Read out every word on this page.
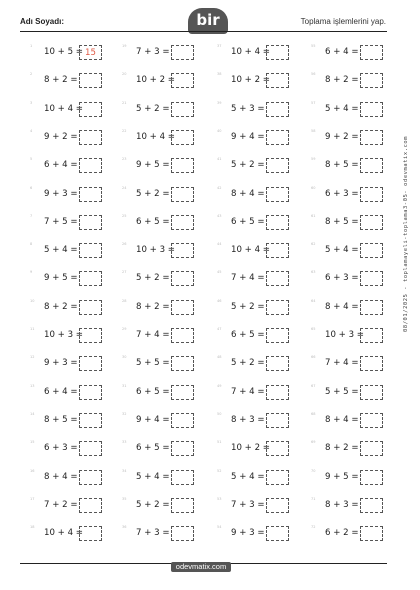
Adı Soyadı:	bir	Toplama işlemlerini yap.
1
10 + 5 = 15
2
8 + 2 =
3
10 + 4 =
4
9 + 2 =
5
6 + 4 =
6
9 + 3 =
7
7 + 5 =
8
5 + 4 =
9
9 + 5 =
10
8 + 2 =
11
10 + 3 =
12
9 + 3 =
13
6 + 4 =
14
8 + 5 =
15
6 + 3 =
16
8 + 4 =
17
7 + 2 =
18
10 + 4 =
19
7 + 3 =
20
10 + 2 =
21
5 + 2 =
22
10 + 4 =
23
9 + 5 =
24
5 + 2 =
25
6 + 5 =
26
10 + 3 =
27
5 + 2 =
28
8 + 2 =
29
7 + 4 =
30
5 + 5 =
31
6 + 5 =
32
9 + 4 =
33
6 + 5 =
34
5 + 4 =
35
5 + 2 =
36
7 + 3 =
37
10 + 4 =
38
10 + 2 =
39
5 + 3 =
40
9 + 4 =
41
5 + 2 =
42
8 + 4 =
43
6 + 5 =
44
10 + 4 =
45
7 + 4 =
46
5 + 2 =
47
6 + 5 =
48
5 + 2 =
49
7 + 4 =
50
8 + 3 =
51
10 + 2 =
52
5 + 4 =
53
7 + 3 =
54
9 + 3 =
55
6 + 4 =
56
8 + 2 =
57
5 + 4 =
58
9 + 2 =
59
8 + 5 =
60
6 + 3 =
61
8 + 5 =
62
5 + 4 =
63
6 + 3 =
64
8 + 4 =
65
10 + 3 =
66
7 + 4 =
67
5 + 5 =
68
8 + 4 =
69
8 + 2 =
70
9 + 5 =
71
8 + 3 =
72
6 + 2 =
08/01/2025 - toplamayeli-toplama3-05- odevmatix.com
odevmatix.com
